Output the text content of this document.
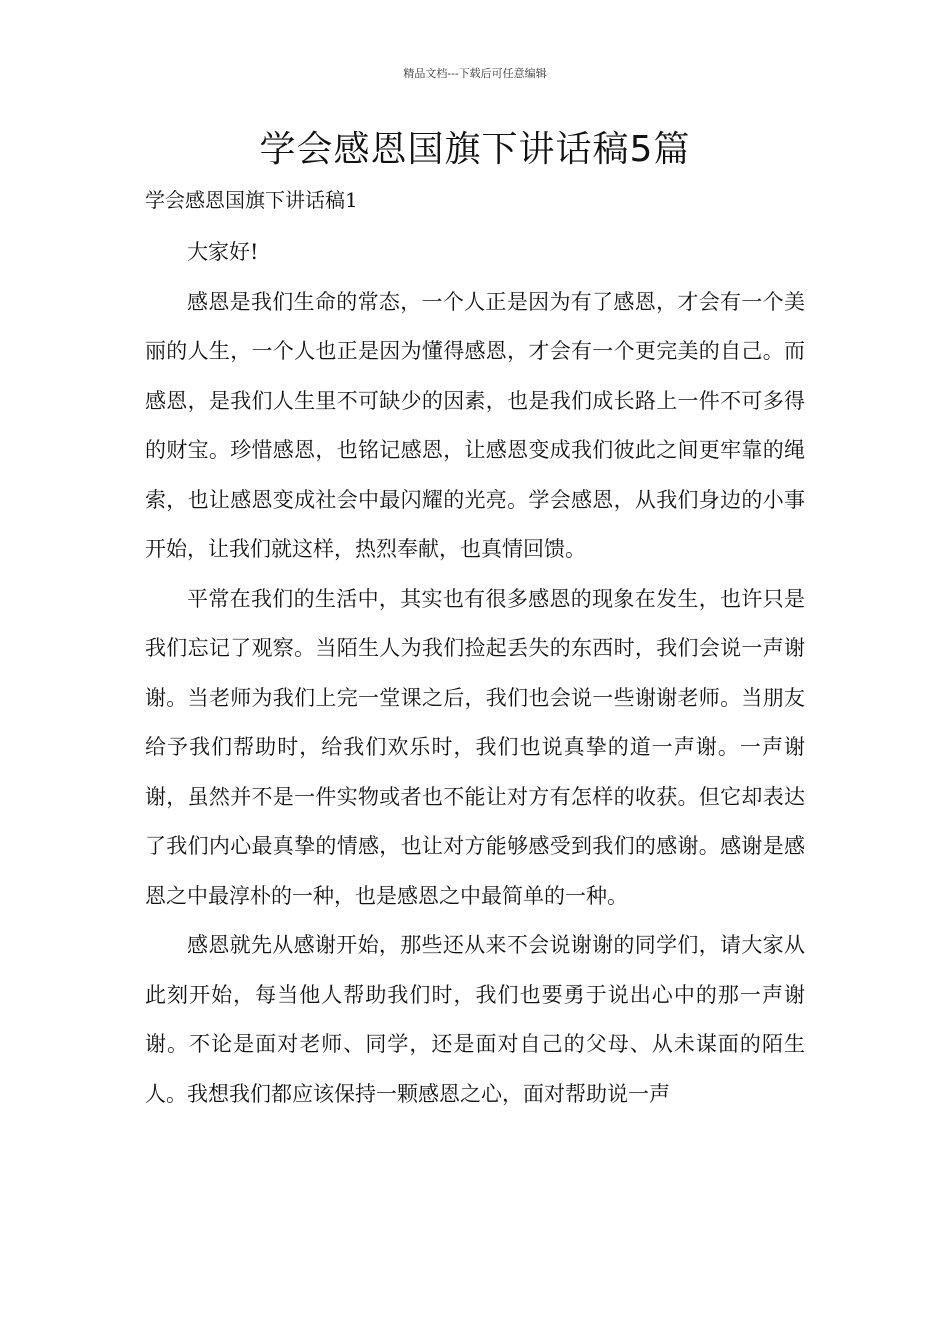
精品文档---下载后可任意编辑
学会感恩国旗下讲话稿5篇
学会感恩国旗下讲话稿1

大家好!

感恩是我们生命的常态，一个人正是因为有了感恩，才会有一个美丽的人生，一个人也正是因为懂得感恩，才会有一个更完美的自己。而感恩，是我们人生里不可缺少的因素，也是我们成长路上一件不可多得的财宝。珍惜感恩，也铭记感恩，让感恩变成我们彼此之间更牢靠的绳索，也让感恩变成社会中最闪耀的光亮。学会感恩，从我们身边的小事开始，让我们就这样，热烈奉献，也真情回馈。

平常在我们的生活中，其实也有很多感恩的现象在发生，也许只是我们忘记了观察。当陌生人为我们捡起丢失的东西时，我们会说一声谢谢。当老师为我们上完一堂课之后，我们也会说一些谢谢老师。当朋友给予我们帮助时，给我们欢乐时，我们也说真挚的道一声谢。一声谢谢，虽然并不是一件实物或者也不能让对方有怎样的收获。但它却表达了我们内心最真挚的情感，也让对方能够感受到我们的感谢。感谢是感恩之中最淳朴的一种，也是感恩之中最简单的一种。

感恩就先从感谢开始，那些还从来不会说谢谢的同学们，请大家从此刻开始，每当他人帮助我们时，我们也要勇于说出心中的那一声谢谢。不论是面对老师、同学，还是面对自己的父母、从未谋面的陌生人。我想我们都应该保持一颗感恩之心，面对帮助说一声
